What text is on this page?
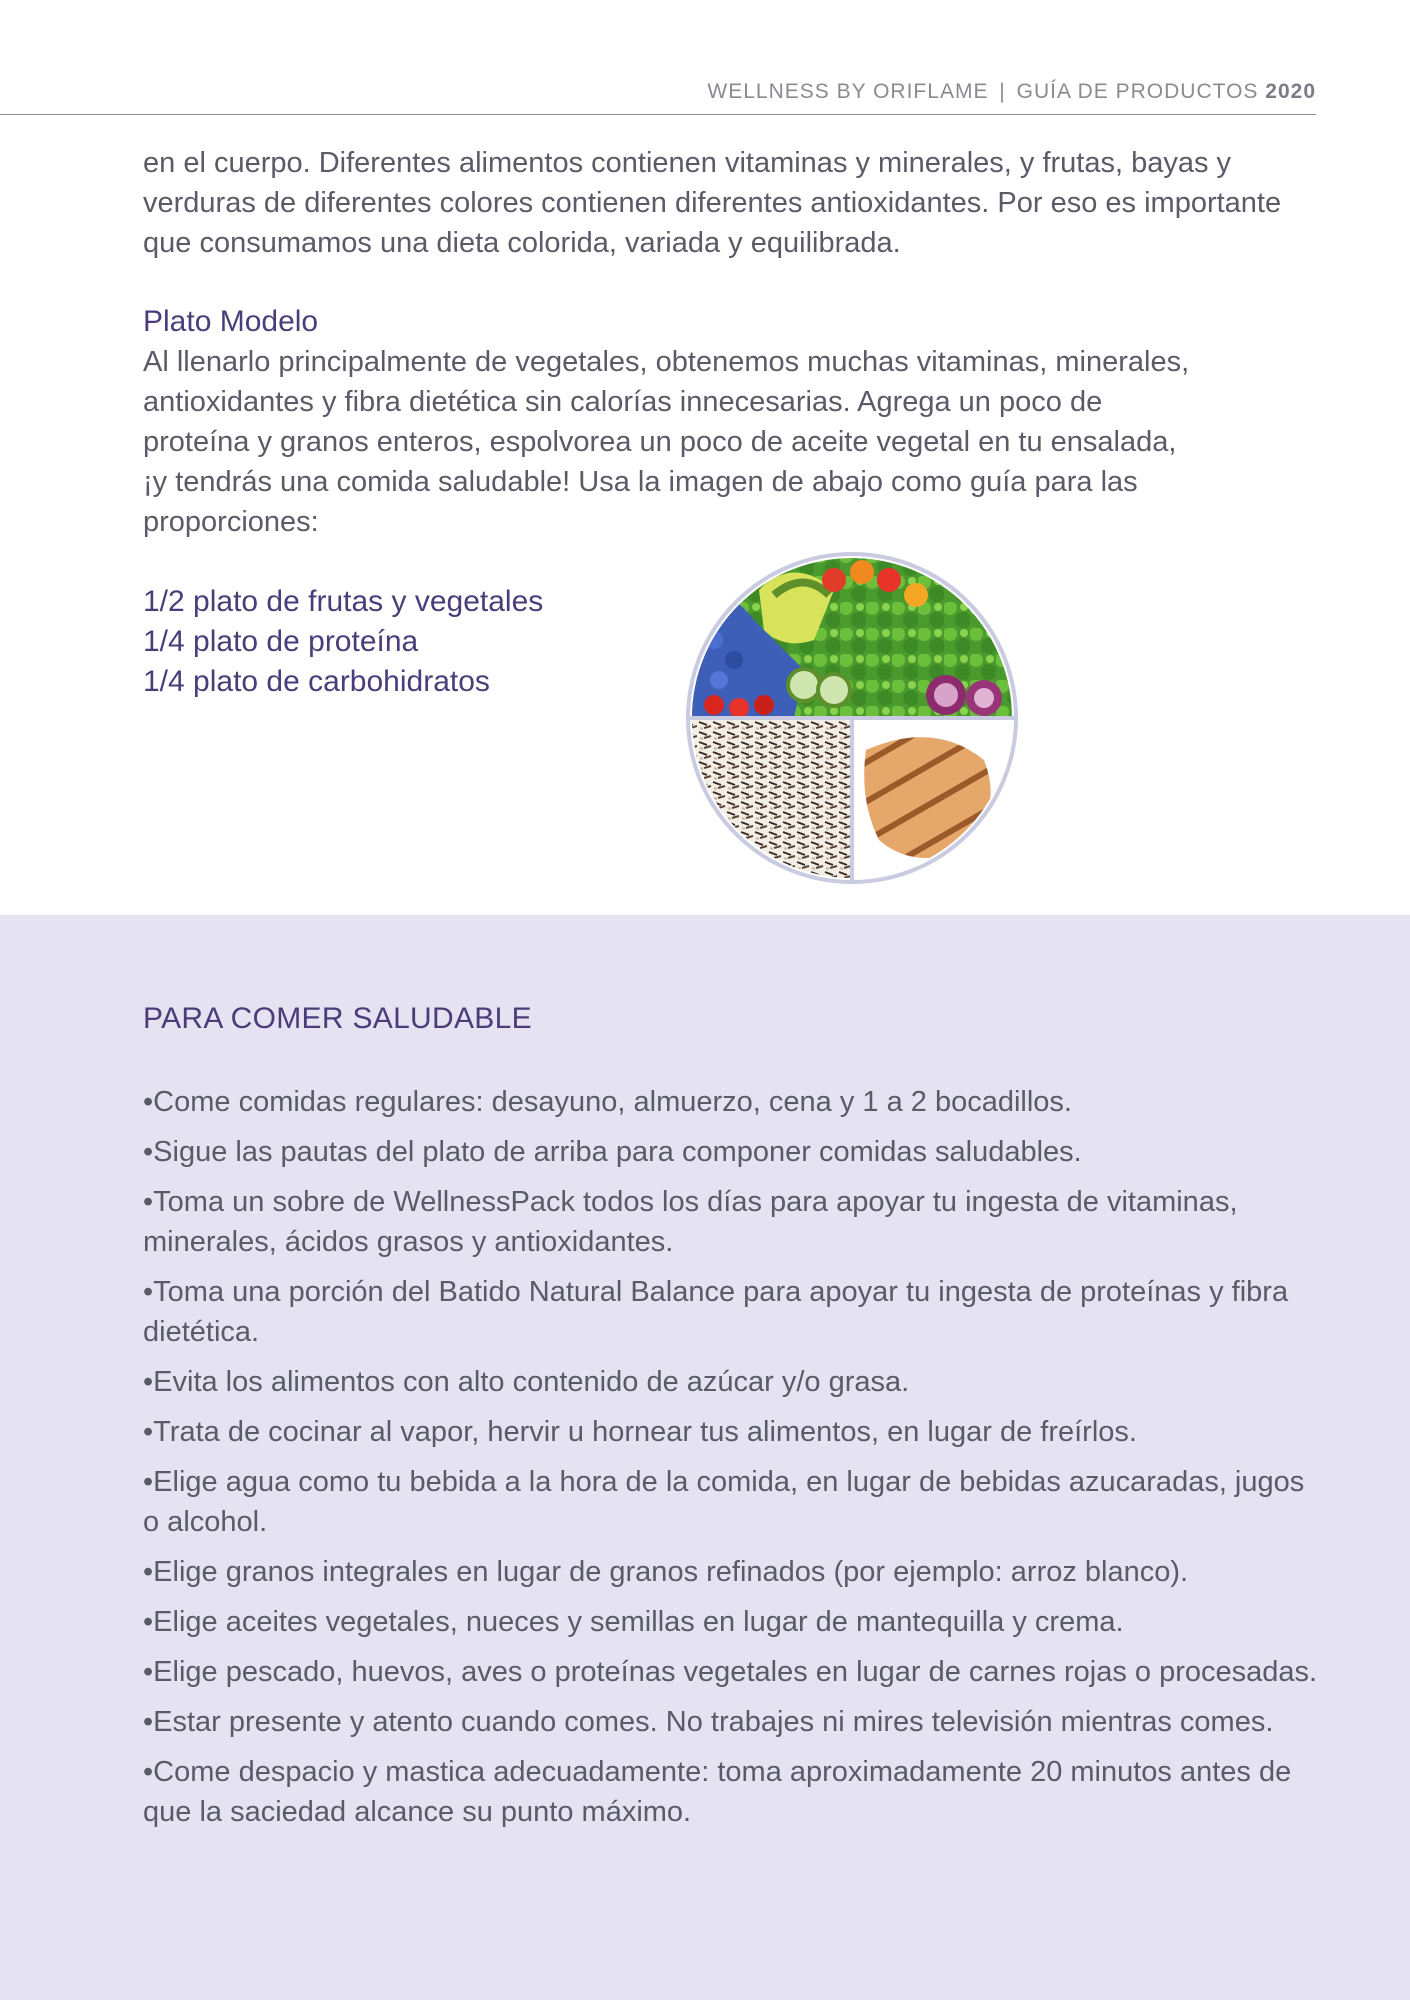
WELLNESS BY ORIFLAME | GUÍA DE PRODUCTOS 2020

en el cuerpo. Diferentes alimentos contienen vitaminas y minerales, y frutas, bayas y

verduras de diferentes colores contienen diferentes antioxidantes. Por eso es importante

que consumamos una dieta colorida, variada y equilibrada.

Plato Modelo

Al llenarlo principalmente de vegetales, obtenemos muchas vitaminas, minerales,

antioxidantes y fibra dietética sin calorías innecesarias. Agrega un poco de

proteína y granos enteros, espolvorea un poco de aceite vegetal en tu ensalada,

¡y tendrás una comida saludable! Usa la imagen de abajo como guía para las

proporciones:

1/2 plato de frutas y vegetales
1/4 plato de proteína
1/4 plato de carbohidratos
PARA COMER SALUDABLE
• Come comidas regulares: desayuno, almuerzo, cena y 1 a 2 bocadillos.
• Sigue las pautas del plato de arriba para componer comidas saludables.
• Toma un sobre de WellnessPack todos los días para apoyar tu ingesta de vitaminas, minerales, ácidos grasos y antioxidantes.
• Toma una porción del Batido Natural Balance para apoyar tu ingesta de proteínas y fibra dietética.
• Evita los alimentos con alto contenido de azúcar y/o grasa.
• Trata de cocinar al vapor, hervir u hornear tus alimentos, en lugar de freírlos.
• Elige agua como tu bebida a la hora de la comida, en lugar de bebidas azucaradas, jugos o alcohol.
• Elige granos integrales en lugar de granos refinados (por ejemplo: arroz blanco).
• Elige aceites vegetales, nueces y semillas en lugar de mantequilla y crema.
• Elige pescado, huevos, aves o proteínas vegetales en lugar de carnes rojas o procesadas.
• Estar presente y atento cuando comes. No trabajes ni mires televisión mientras comes.
• Come despacio y mastica adecuadamente: toma aproximadamente 20 minutos antes de que la saciedad alcance su punto máximo.
